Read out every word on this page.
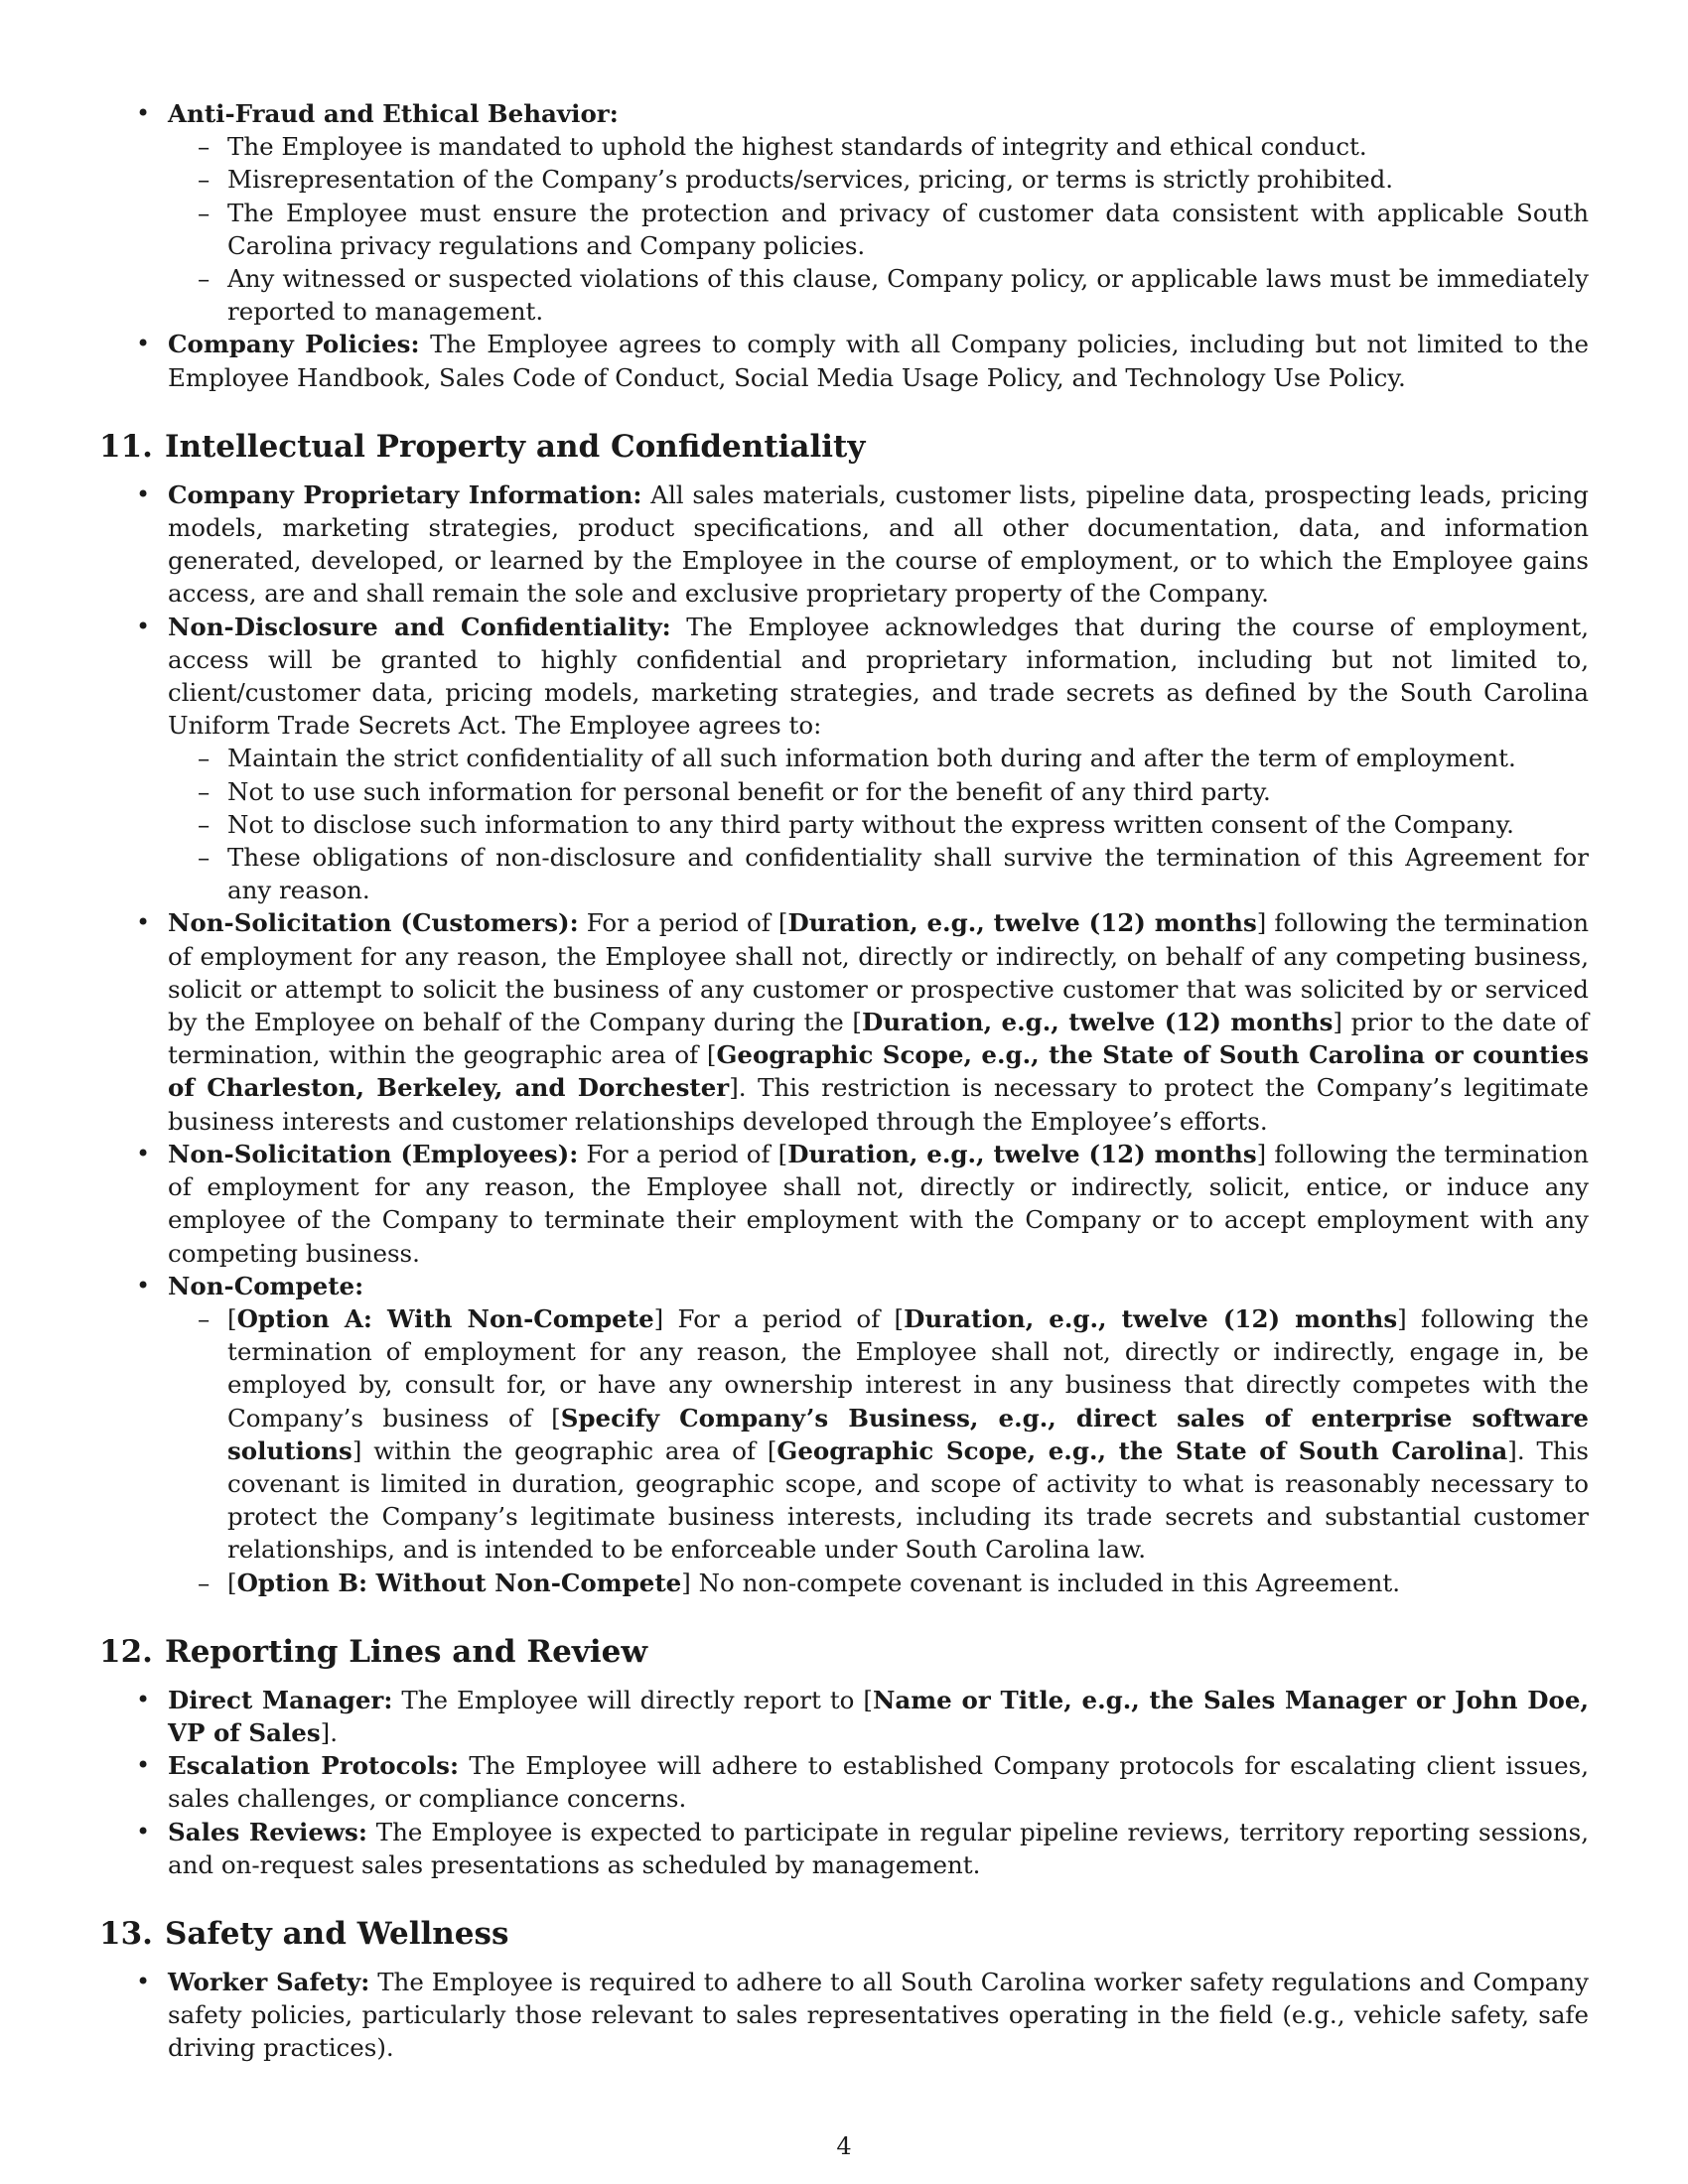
• Anti-Fraud and Ethical Behavior:
– The Employee is mandated to uphold the highest standards of integrity and ethical conduct.
– Misrepresentation of the Company’s products/services, pricing, or terms is strictly prohibited.
– The Employee must ensure the protection and privacy of customer data consistent with applicable South Carolina privacy regulations and Company policies.
– Any witnessed or suspected violations of this clause, Company policy, or applicable laws must be immediately reported to management.
• Company Policies: The Employee agrees to comply with all Company policies, including but not limited to the Employee Handbook, Sales Code of Conduct, Social Media Usage Policy, and Technology Use Policy.
11. Intellectual Property and Confidentiality
• Company Proprietary Information: All sales materials, customer lists, pipeline data, prospecting leads, pricing models, marketing strategies, product specifications, and all other documentation, data, and information generated, developed, or learned by the Employee in the course of employment, or to which the Employee gains access, are and shall remain the sole and exclusive proprietary property of the Company.
• Non-Disclosure and Confidentiality: The Employee acknowledges that during the course of employment, access will be granted to highly confidential and proprietary information, including but not limited to, client/customer data, pricing models, marketing strategies, and trade secrets as defined by the South Carolina Uniform Trade Secrets Act. The Employee agrees to:
– Maintain the strict confidentiality of all such information both during and after the term of employment.
– Not to use such information for personal benefit or for the benefit of any third party.
– Not to disclose such information to any third party without the express written consent of the Company.
– These obligations of non-disclosure and confidentiality shall survive the termination of this Agreement for any reason.
• Non-Solicitation (Customers): For a period of [Duration, e.g., twelve (12) months] following the termination of employment for any reason, the Employee shall not, directly or indirectly, on behalf of any competing business, solicit or attempt to solicit the business of any customer or prospective customer that was solicited by or serviced by the Employee on behalf of the Company during the [Duration, e.g., twelve (12) months] prior to the date of termination, within the geographic area of [Geographic Scope, e.g., the State of South Carolina or counties of Charleston, Berkeley, and Dorchester]. This restriction is necessary to protect the Company’s legitimate business interests and customer relationships developed through the Employee’s efforts.
• Non-Solicitation (Employees): For a period of [Duration, e.g., twelve (12) months] following the termination of employment for any reason, the Employee shall not, directly or indirectly, solicit, entice, or induce any employee of the Company to terminate their employment with the Company or to accept employment with any competing business.
• Non-Compete:
– [Option A: With Non-Compete] For a period of [Duration, e.g., twelve (12) months] following the termination of employment for any reason, the Employee shall not, directly or indirectly, engage in, be employed by, consult for, or have any ownership interest in any business that directly competes with the Company’s business of [Specify Company’s Business, e.g., direct sales of enterprise software solutions] within the geographic area of [Geographic Scope, e.g., the State of South Carolina]. This covenant is limited in duration, geographic scope, and scope of activity to what is reasonably necessary to protect the Company’s legitimate business interests, including its trade secrets and substantial customer relationships, and is intended to be enforceable under South Carolina law.
– [Option B: Without Non-Compete] No non-compete covenant is included in this Agreement.
12. Reporting Lines and Review
• Direct Manager: The Employee will directly report to [Name or Title, e.g., the Sales Manager or John Doe, VP of Sales].
• Escalation Protocols: The Employee will adhere to established Company protocols for escalating client issues, sales challenges, or compliance concerns.
• Sales Reviews: The Employee is expected to participate in regular pipeline reviews, territory reporting sessions, and on-request sales presentations as scheduled by management.
13. Safety and Wellness
• Worker Safety: The Employee is required to adhere to all South Carolina worker safety regulations and Company safety policies, particularly those relevant to sales representatives operating in the field (e.g., vehicle safety, safe driving practices).
4
